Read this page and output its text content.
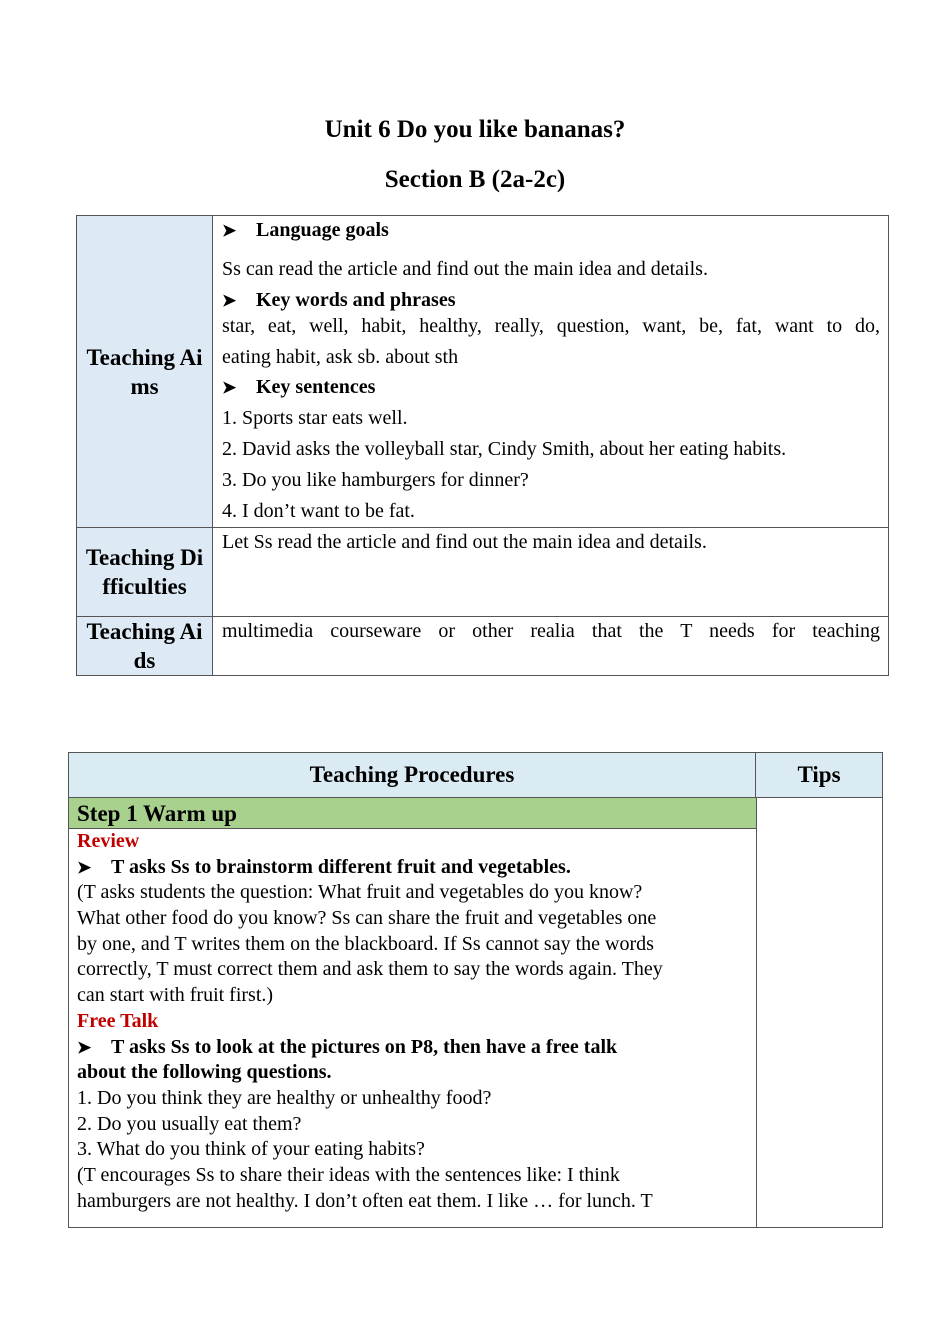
Unit 6 Do you like bananas?
Section B (2a-2c)
Teaching Aims
➤ Language goals
Ss can read the article and find out the main idea and details.
➤ Key words and phrases
star, eat, well, habit, healthy, really, question, want, be, fat, want to do,
eating habit, ask sb. about sth
➤ Key sentences
1. Sports star eats well.
2. David asks the volleyball star, Cindy Smith, about her eating habits.
3. Do you like hamburgers for dinner?
4. I don’t want to be fat.
Teaching Difficulties
Let Ss read the article and find out the main idea and details.
Teaching Aids
multimedia courseware or other realia that the T needs for teaching
Teaching Procedures	Tips
Step 1 Warm up
Review
➤ T asks Ss to brainstorm different fruit and vegetables.
(T asks students the question: What fruit and vegetables do you know?
What other food do you know? Ss can share the fruit and vegetables one
by one, and T writes them on the blackboard. If Ss cannot say the words
correctly, T must correct them and ask them to say the words again. They
can start with fruit first.)
Free Talk
➤ T asks Ss to look at the pictures on P8, then have a free talk
about the following questions.
1. Do you think they are healthy or unhealthy food?
2. Do you usually eat them?
3. What do you think of your eating habits?
(T encourages Ss to share their ideas with the sentences like: I think
hamburgers are not healthy. I don’t often eat them. I like … for lunch. T
